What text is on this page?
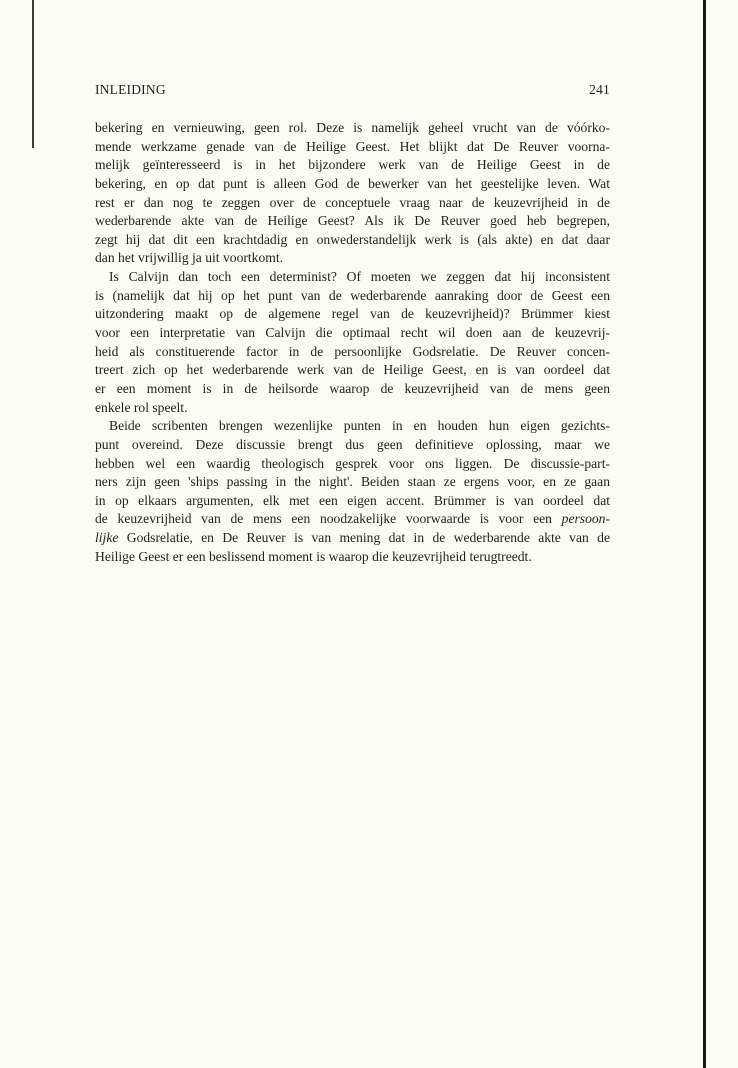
INLEIDING	241
bekering en vernieuwing, geen rol. Deze is namelijk geheel vrucht van de vóórko-
mende werkzame genade van de Heilige Geest. Het blijkt dat De Reuver voorna-
melijk geïnteresseerd is in het bijzondere werk van de Heilige Geest in de
bekering, en op dat punt is alleen God de bewerker van het geestelijke leven. Wat
rest er dan nog te zeggen over de conceptuele vraag naar de keuzevrijheid in de
wederbarende akte van de Heilige Geest? Als ik De Reuver goed heb begrepen,
zegt hij dat dit een krachtdadig en onwederstandelijk werk is (als akte) en dat daar
dan het vrijwillig ja uit voortkomt.
Is Calvijn dan toch een determinist? Of moeten we zeggen dat hij inconsistent
is (namelijk dat hij op het punt van de wederbarende aanraking door de Geest een
uitzondering maakt op de algemene regel van de keuzevrijheid)? Brümmer kiest
voor een interpretatie van Calvijn die optimaal recht wil doen aan de keuzevrij-
heid als constituerende factor in de persoonlijke Godsrelatie. De Reuver concen-
treert zich op het wederbarende werk van de Heilige Geest, en is van oordeel dat
er een moment is in de heilsorde waarop de keuzevrijheid van de mens geen
enkele rol speelt.
Beide scribenten brengen wezenlijke punten in en houden hun eigen gezichts-
punt overeind. Deze discussie brengt dus geen definitieve oplossing, maar we
hebben wel een waardig theologisch gesprek voor ons liggen. De discussie-part-
ners zijn geen 'ships passing in the night'. Beiden staan ze ergens voor, en ze gaan
in op elkaars argumenten, elk met een eigen accent. Brümmer is van oordeel dat
de keuzevrijheid van de mens een noodzakelijke voorwaarde is voor een persoon-
lijke Godsrelatie, en De Reuver is van mening dat in de wederbarende akte van de
Heilige Geest er een beslissend moment is waarop die keuzevrijheid terugtreedt.
